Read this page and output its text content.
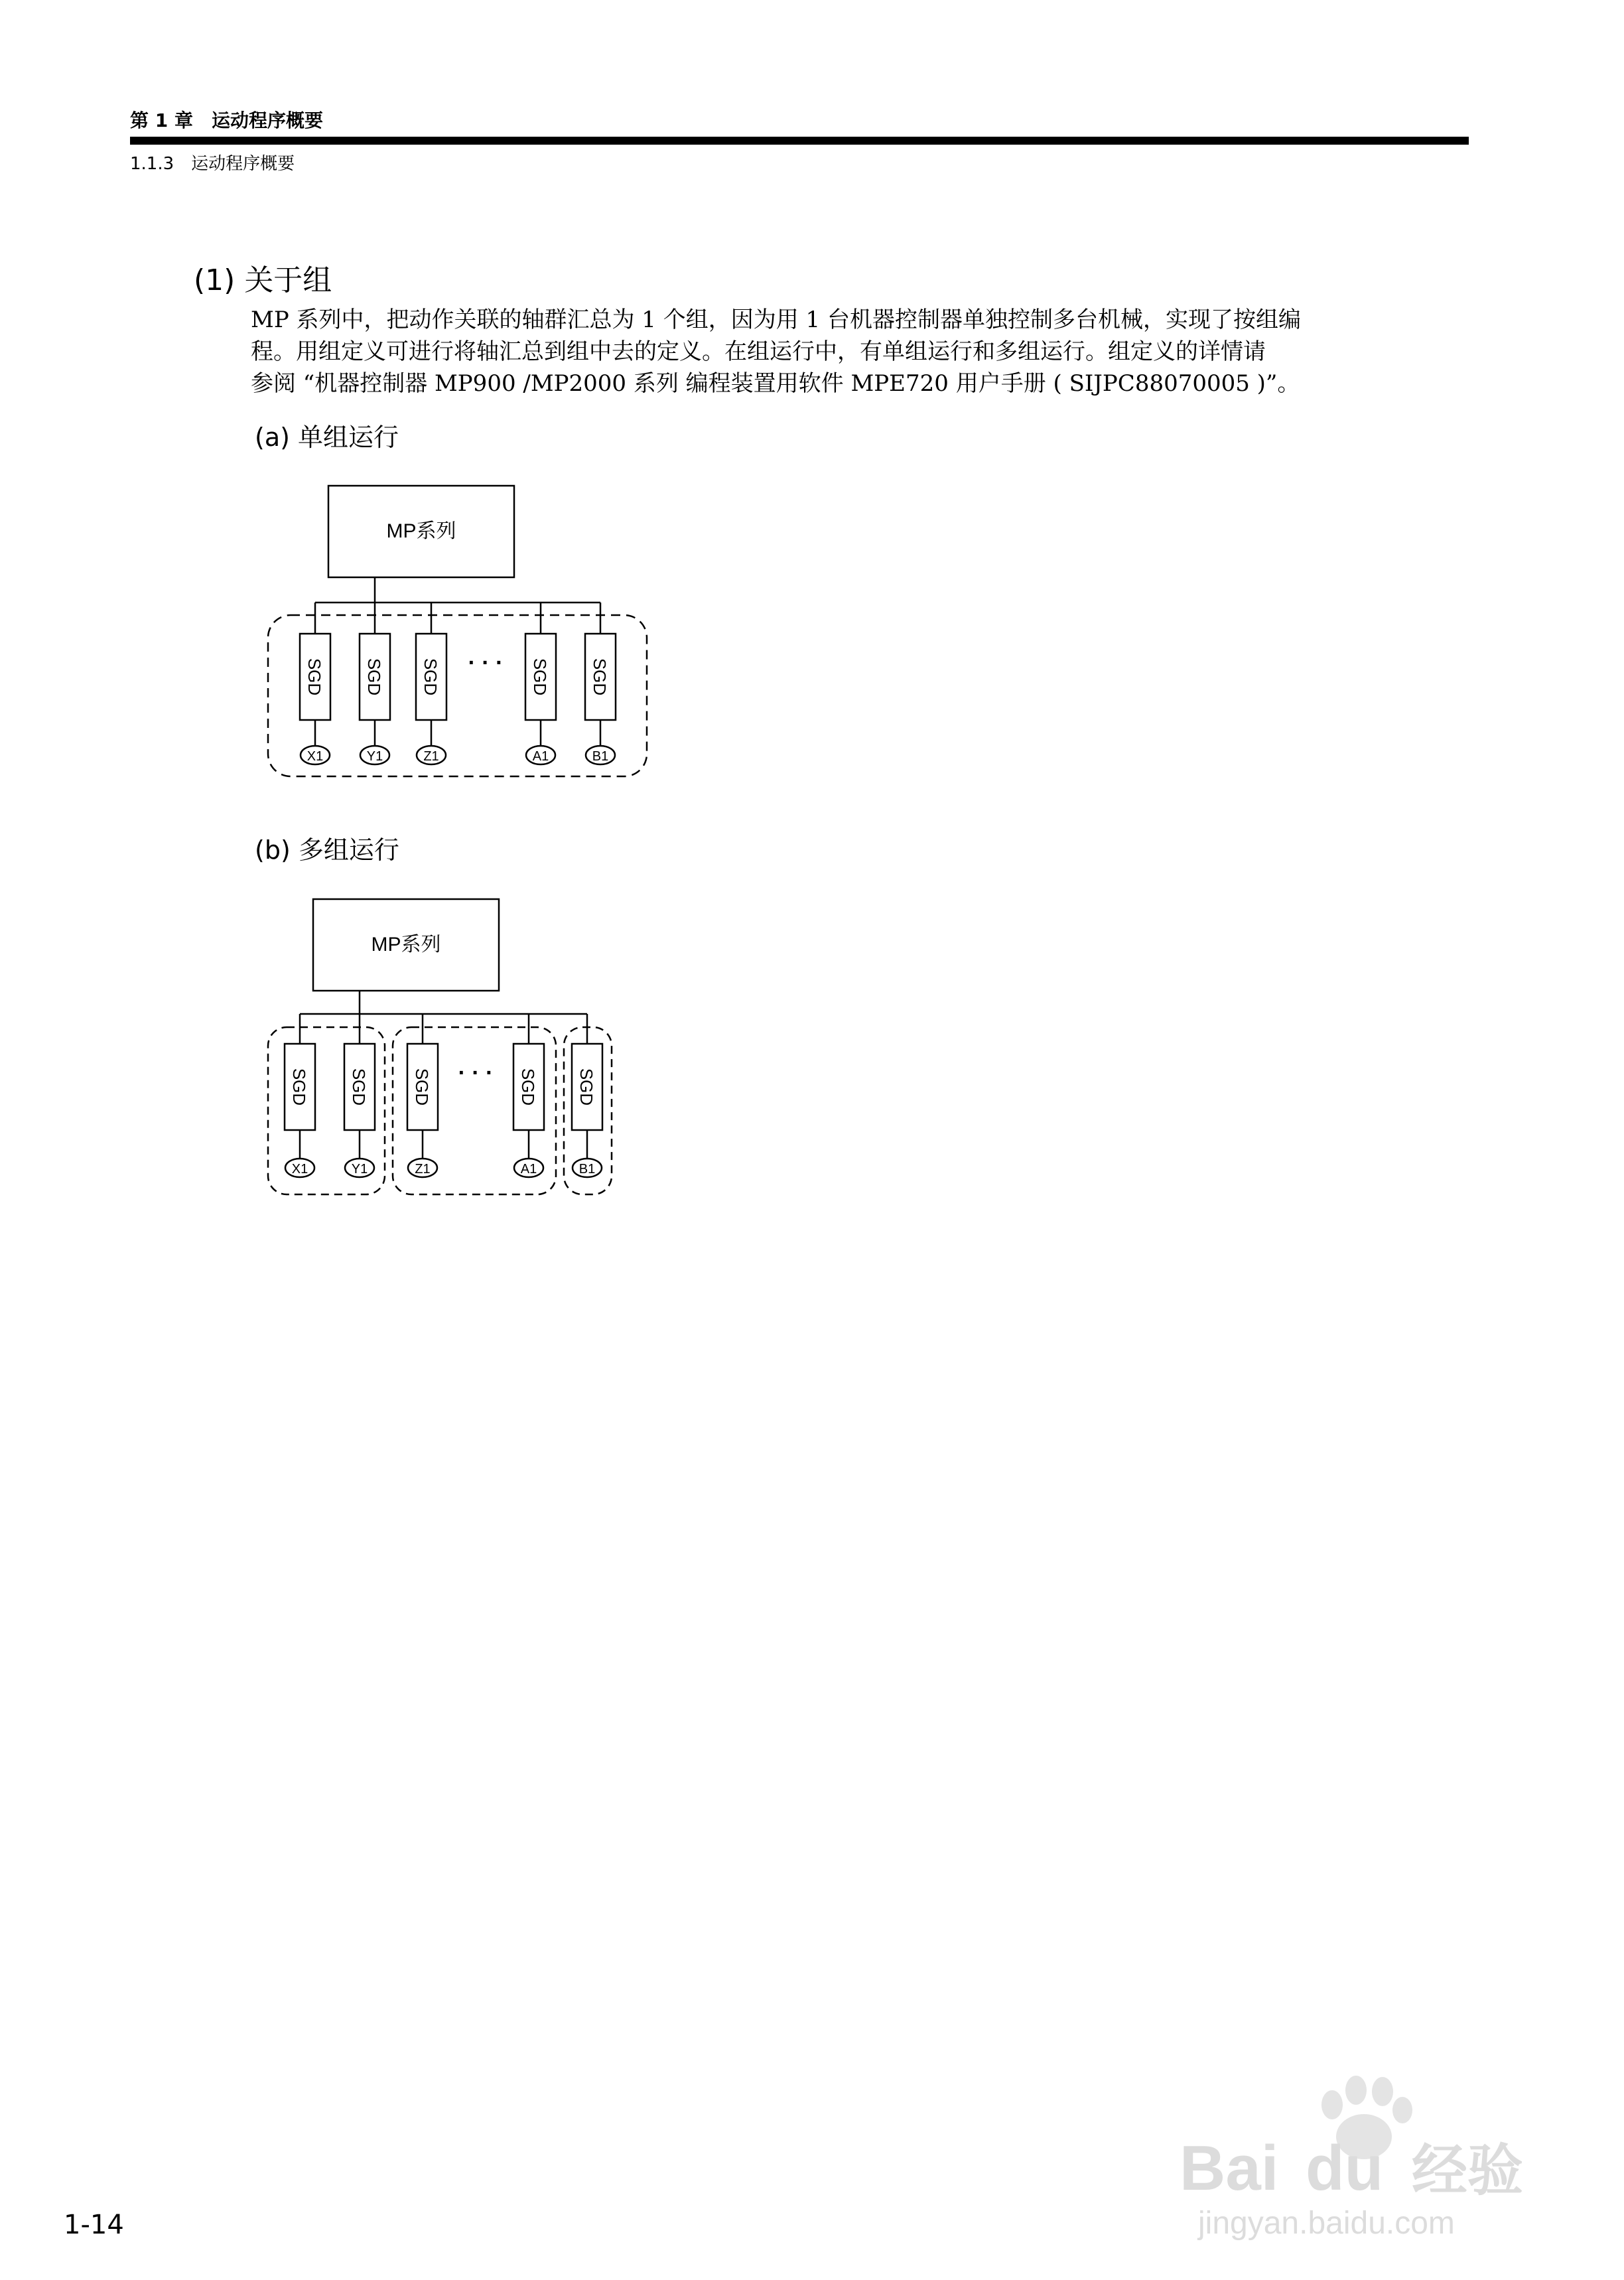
第 1 章　运动程序概要
1.1.3　运动程序概要
(1) 关于组

MP 系列中，把动作关联的轴群汇总为 1 个组，因为用 1 台机器控制器单独控制多台机械，实现了按组编

程。用组定义可进行将轴汇总到组中去的定义。在组运行中，有单组运行和多组运行。组定义的详情请

参阅 “机器控制器 MP900 /MP2000 系列 编程装置用软件 MPE720 用户手册 ( SIJPC88070005 )”。

(a) 单组运行
MP系列
SGD SGD SGD	SGD SGD
· · ·
X1	Y1	Z1	A1	B1
(b) 多组运行
MP系列
SGD SGD	SGD	SGD SGD
· · ·
X1	Y1	Z1	A1	B1
1-14
Bai du 经验
jingyan.baidu.com
